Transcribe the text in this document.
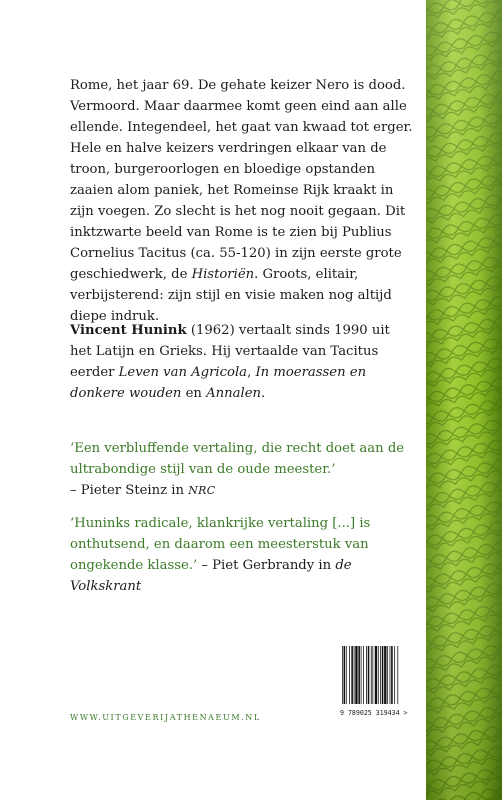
Rome, het jaar 69. De gehate keizer Nero is dood. Vermoord. Maar daarmee komt geen eind aan alle ellende. Integendeel, het gaat van kwaad tot erger. Hele en halve keizers verdringen elkaar van de troon, burgeroorlogen en bloedige opstanden zaaien alom paniek, het Romeinse Rijk kraakt in zijn voegen. Zo slecht is het nog nooit gegaan. Dit inktzwarte beeld van Rome is te zien bij Publius Cornelius Tacitus (ca. 55-120) in zijn eerste grote geschiedwerk, de Historiën. Groots, elitair, verbijsterend: zijn stijl en visie maken nog altijd diepe indruk.

Vincent Hunink (1962) vertaalt sinds 1990 uit het Latijn en Grieks. Hij vertaalde van Tacitus eerder Leven van Agricola, In moerassen en donkere wouden en Annalen.

‘Een verbluffende vertaling, die recht doet aan de ultrabondige stijl van de oude meester.’
– Pieter Steinz in NRC

‘Huninks radicale, klankrijke vertaling [...] is onthutsend, en daarom een meesterstuk van ongekende klasse.’ – Piet Gerbrandy in de Volkskrant

WWW.UITGEVERIJATHENAEUM.NL	9 789025 319434 >
